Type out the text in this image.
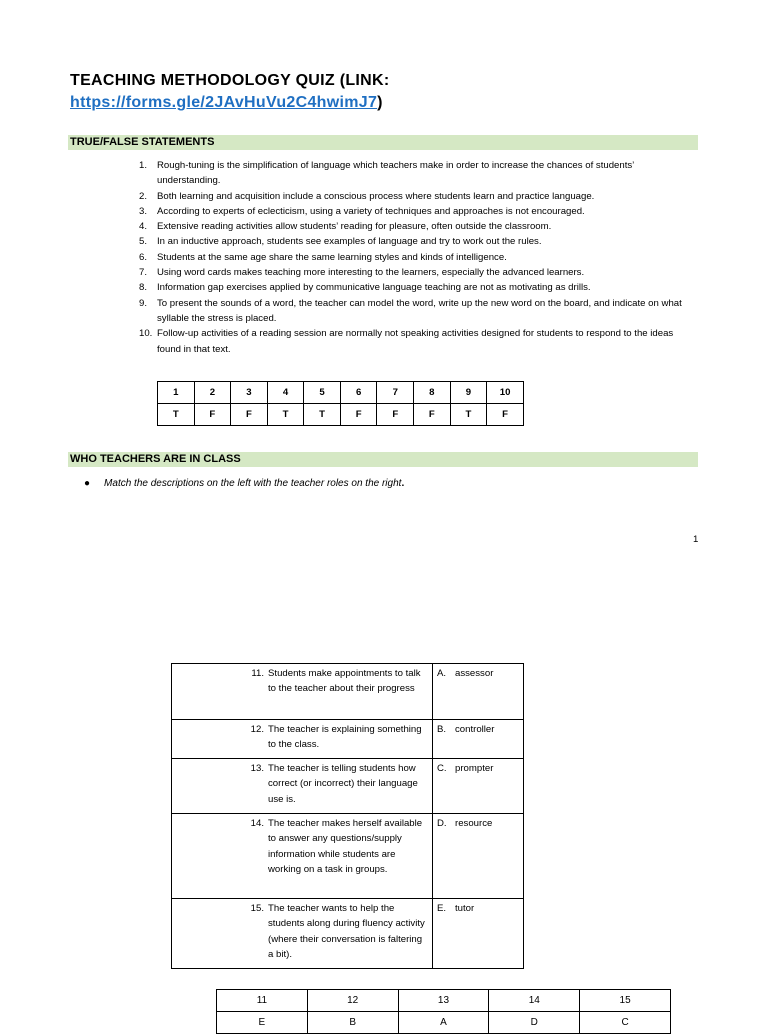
TEACHING METHODOLOGY QUIZ (LINK:
https://forms.gle/2JAvHuVu2C4hwimJ7)
TRUE/FALSE STATEMENTS
1.	Rough-tuning is the simplification of language which teachers make in order to increase the chances of students’ understanding.
2.	Both learning and acquisition include a conscious process where students learn and practice language.
3.	According to experts of eclecticism, using a variety of techniques and approaches is not encouraged.
4.	Extensive reading activities allow students’ reading for pleasure, often outside the classroom.
5.	In an inductive approach, students see examples of language and try to work out the rules.
6.	Students at the same age share the same learning styles and kinds of intelligence.
7.	Using word cards makes teaching more interesting to the learners, especially the advanced learners.
8.	Information gap exercises applied by communicative language teaching are not as motivating as drills.
9.	To present the sounds of a word, the teacher can model the word, write up the new word on the board, and indicate on what syllable the stress is placed.
10. Follow-up activities of a reading session are normally not speaking activities designed for students to respond to the ideas found in that text.
1	2	3	4	5	6	7	8	9	10
T	F	F	T	T	F	F	F	T	F
WHO TEACHERS ARE IN CLASS
● Match the descriptions on the left with the teacher roles on the right.
1
11. Students make appointments to talk to the teacher about their progress	A. assessor

12. The teacher is explaining something to the class.	B. controller

13. The teacher is telling students how correct (or incorrect) their language use is.	C. prompter

14. The teacher makes herself available to answer any questions/supply information while students are working on a task in groups.	D. resource

15. The teacher wants to help the students along during fluency activity (where their conversation is faltering a bit).	E. tutor
11	12	13	14	15
E	B	A	D	C
